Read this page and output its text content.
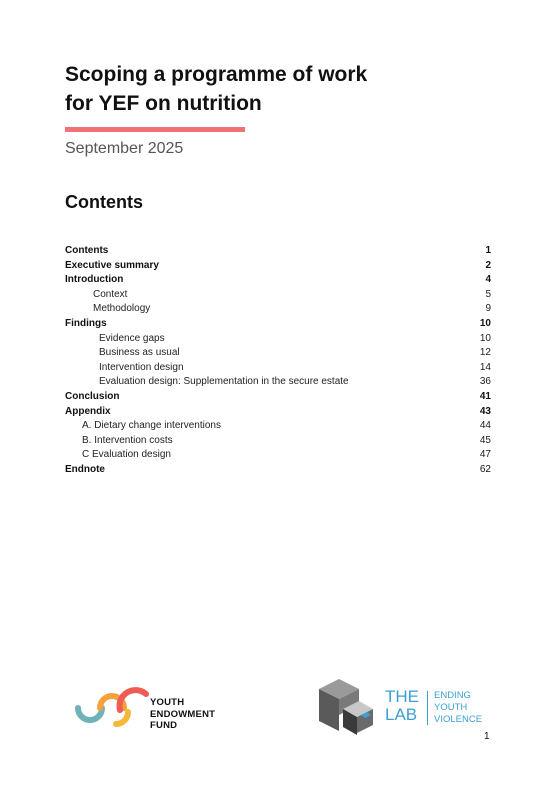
Scoping a programme of work
for YEF on nutrition
September 2025
Contents
Contents	1
Executive summary	2
Introduction	4
Context	5
Methodology	9
Findings	10
Evidence gaps	10
Business as usual	12
Intervention design	14
Evaluation design: Supplementation in the secure estate	36
Conclusion	41
Appendix	43
A. Dietary change interventions	44
B. Intervention costs	45
C Evaluation design	47
Endnote	62
YOUTH
ENDOWMENT
FUND
THE
LAB
ENDING
YOUTH
VIOLENCE
1
